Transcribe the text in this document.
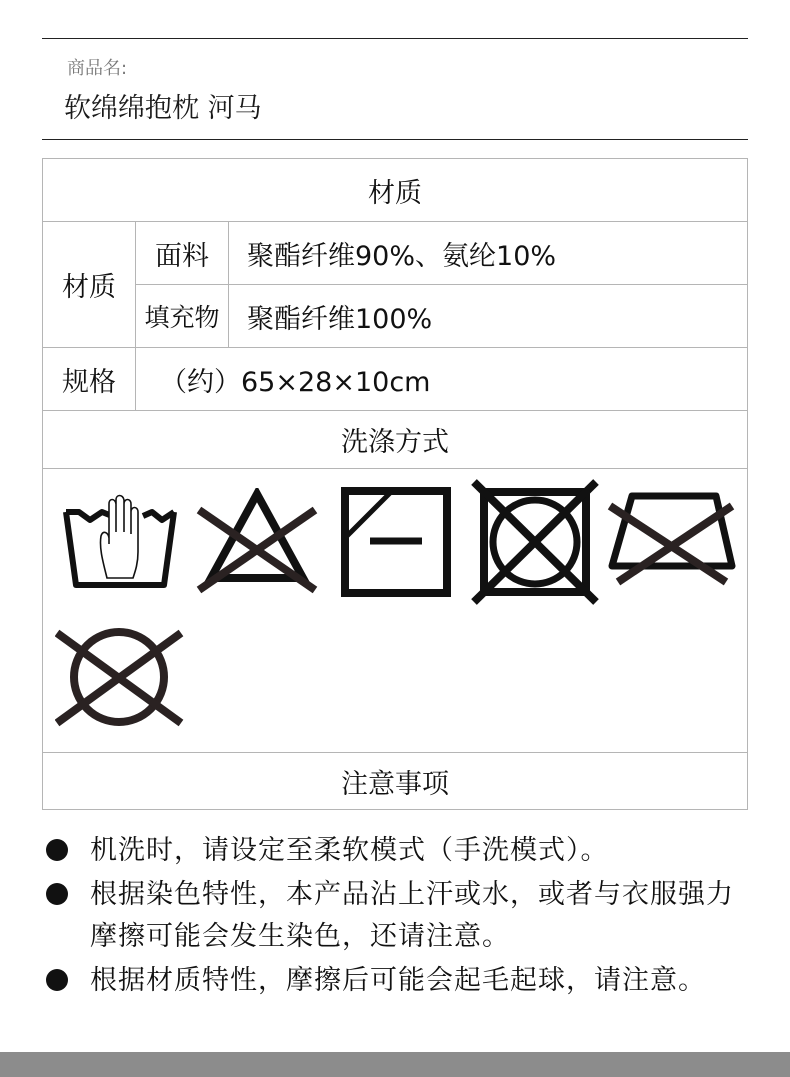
商品名:
软绵绵抱枕 河马
材质
材质
面料	聚酯纤维90%、氨纶10%
填充物	聚酯纤维100%
规格	（约）65×28×10cm
洗涤方式
注意事项
机洗时，请设定至柔软模式（手洗模式）。
根据染色特性，本产品沾上汗或水，或者与衣服强力摩擦可能会发生染色，还请注意。
根据材质特性，摩擦后可能会起毛起球，请注意。
